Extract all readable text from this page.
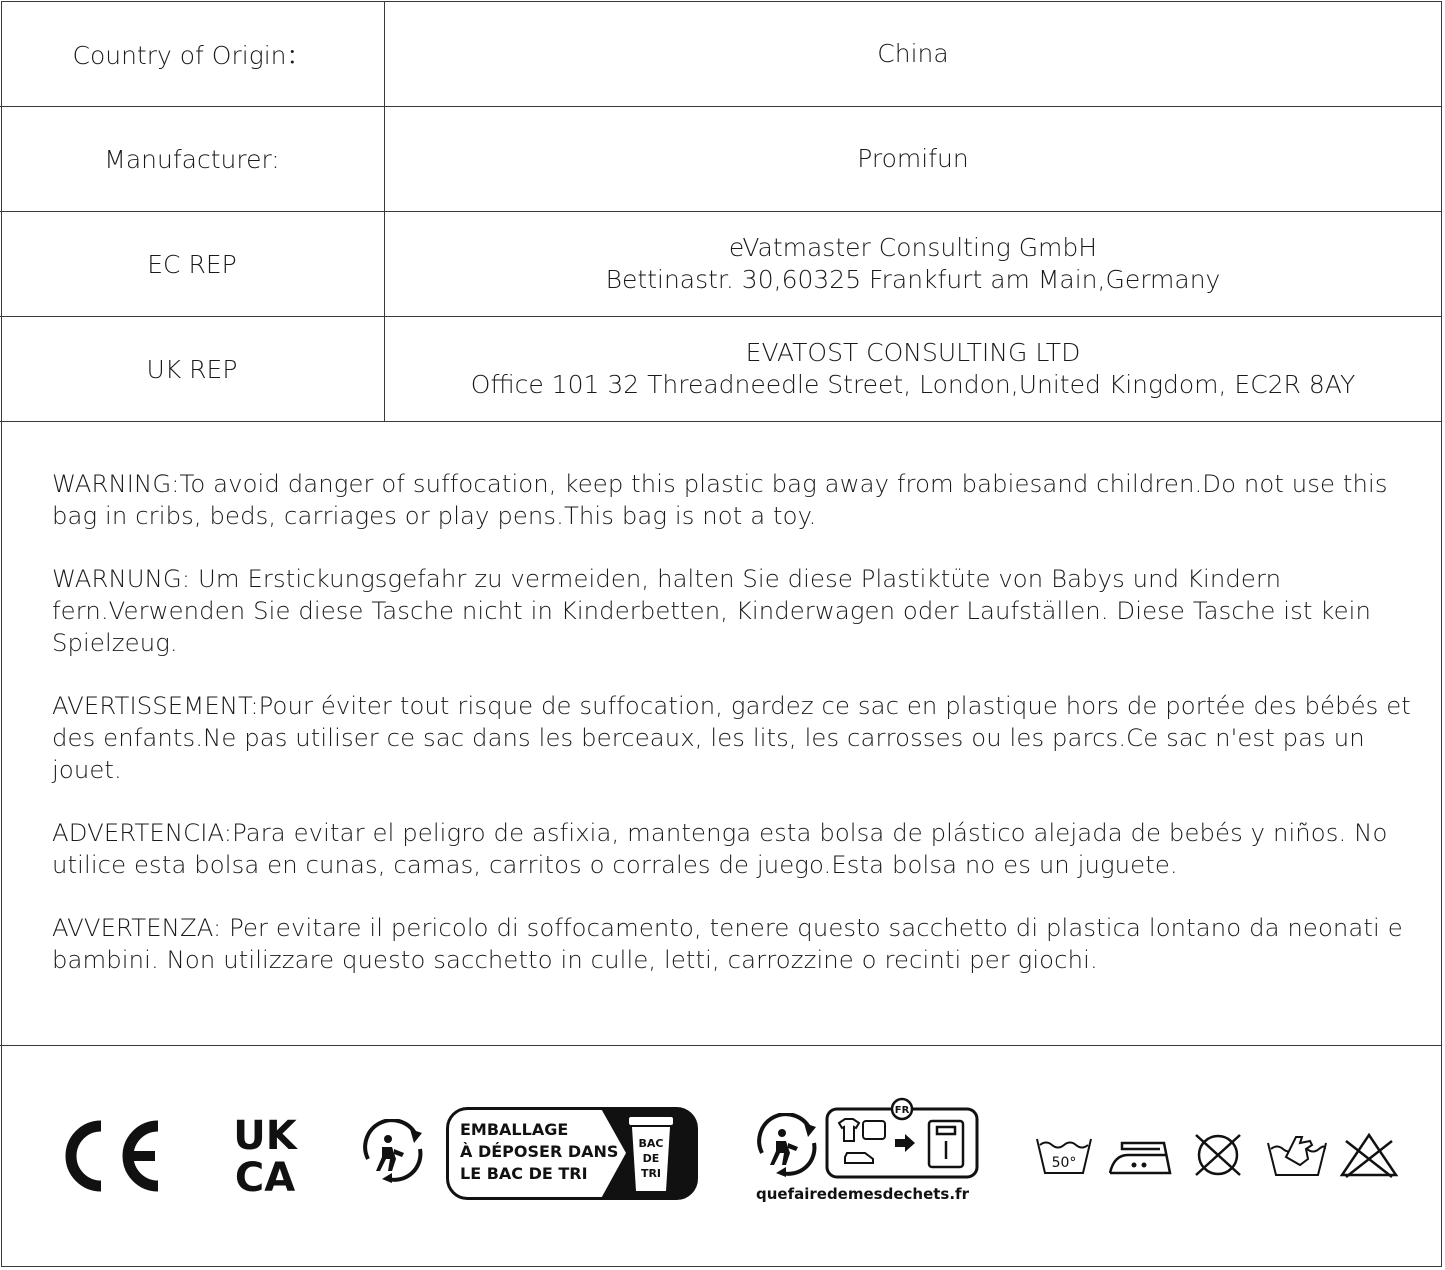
Country of Origin：	China
Manufacturer:	Promifun
EC REP
eVatmaster Consulting GmbH
Bettinastr. 30,60325 Frankfurt am Main,Germany
UK REP
EVATOST CONSULTING LTD
Office 101 32 Threadneedle Street, London,United Kingdom, EC2R 8AY

WARNING:To avoid danger of suffocation, keep this plastic bag away from babiesand children.Do not use this bag in cribs, beds, carriages or play pens.This bag is not a toy.

WARNUNG: Um Erstickungsgefahr zu vermeiden, halten Sie diese Plastiktüte von Babys und Kindern fern.Verwenden Sie diese Tasche nicht in Kinderbetten, Kinderwagen oder Laufställen. Diese Tasche ist kein Spielzeug.

AVERTISSEMENT:Pour éviter tout risque de suffocation, gardez ce sac en plastique hors de portée des bébés et des enfants.Ne pas utiliser ce sac dans les berceaux, les lits, les carrosses ou les parcs.Ce sac n'est pas un jouet.

ADVERTENCIA:Para evitar el peligro de asfixia, mantenga esta bolsa de plástico alejada de bebés y niños. No utilice esta bolsa en cunas, camas, carritos o corrales de juego.Esta bolsa no es un juguete.

AVVERTENZA: Per evitare il pericolo di soffocamento, tenere questo sacchetto di plastica lontano da neonati e bambini. Non utilizzare questo sacchetto in culle, letti, carrozzine o recinti per giochi.

UK
CA
EMBALLAGE
À DÉPOSER DANS
LE BAC DE TRI
BAC
DE
TRI
FR
quefairedemesdechets.fr
50°
